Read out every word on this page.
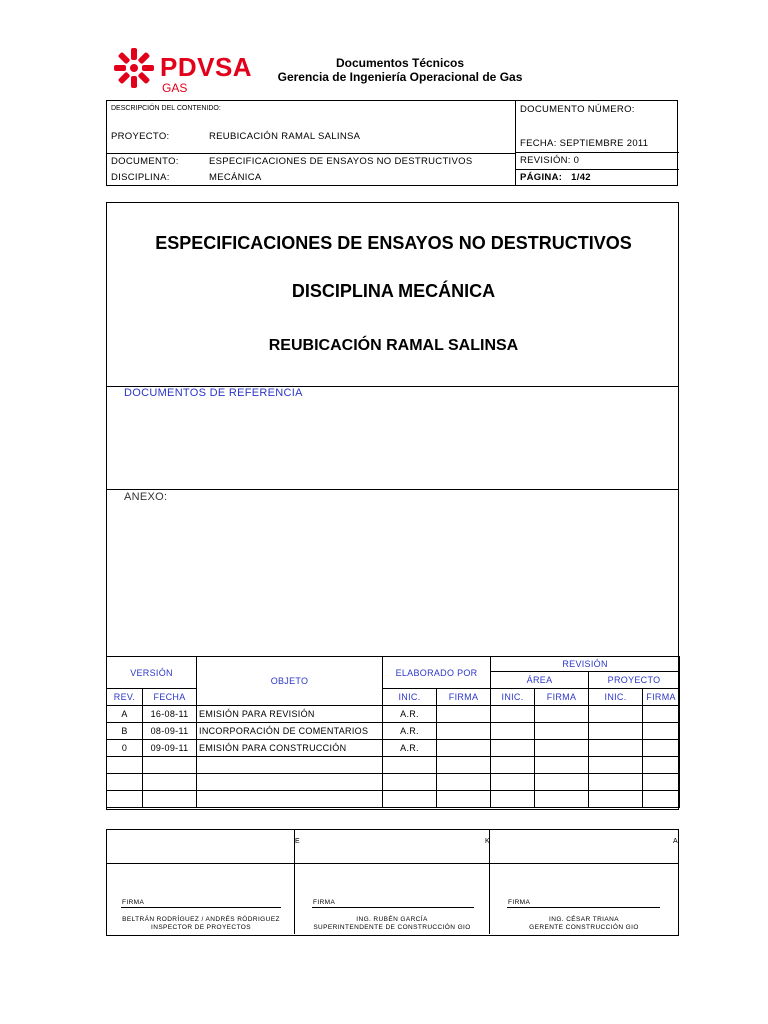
PDVSA
GAS
Documentos Técnicos
Gerencia de Ingeniería Operacional de Gas
DESCRIPCIÓN DEL CONTENIDO:
PROYECTO:	REUBICACIÓN RAMAL SALINSA
DOCUMENTO:	ESPECIFICACIONES DE ENSAYOS NO DESTRUCTIVOS
DISCIPLINA:	MECÁNICA
DOCUMENTO NÚMERO:
FECHA: SEPTIEMBRE 2011
REVISIÓN: 0
PÁGINA: 1/42
ESPECIFICACIONES DE ENSAYOS NO DESTRUCTIVOS
DISCIPLINA MECÁNICA
REUBICACIÓN RAMAL SALINSA
DOCUMENTOS DE REFERENCIA
ANEXO:
VERSIÓN		OBJETO	ELABORADO POR		REVISIÓN			
					ÁREA		PROYECTO	
REV.	FECHA		INIC.	FIRMA	INIC.	FIRMA	INIC.	FIRMA
A	16-08-11	EMISIÓN PARA REVISIÓN	A.R.					
B	08-09-11	INCORPORACIÓN DE COMENTARIOS	A.R.					
0	09-09-11	EMISIÓN PARA CONSTRUCCIÓN	A.R.					

E	K	A
FIRMA
BELTRÁN RODRÍGUEZ / ANDRÉS RÓDRIGUEZ
INSPECTOR DE PROYECTOS
FIRMA
ING. RUBÉN GARCÍA
SUPERINTENDENTE DE CONSTRUCCIÓN GIO
FIRMA
ING. CÉSAR TRIANA
GERENTE CONSTRUCCIÓN GIO
